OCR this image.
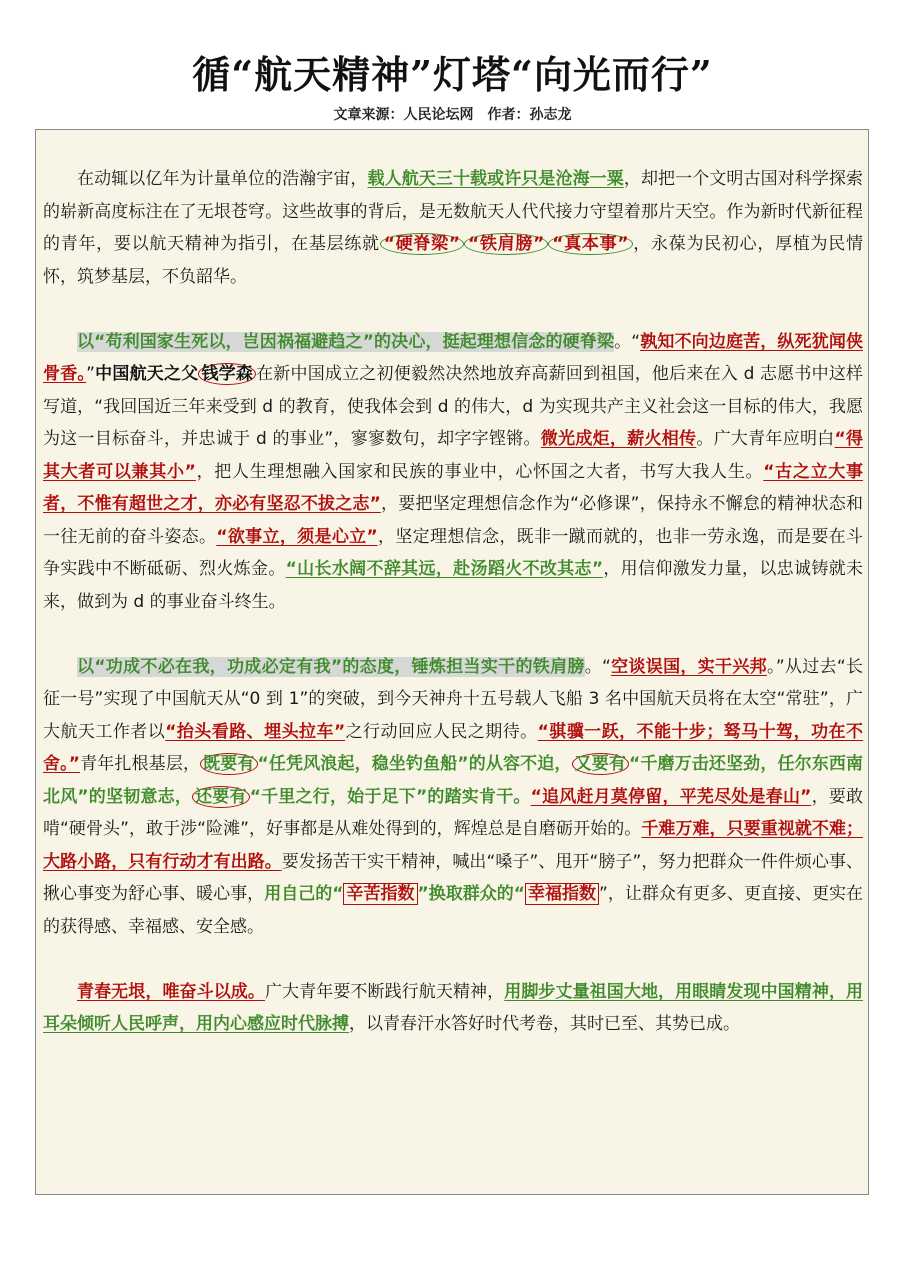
循“航天精神”灯塔“向光而行”
文章来源：人民论坛网　作者：孙志龙

在动辄以亿年为计量单位的浩瀚宇宙，载人航天三十载或许只是沧海一粟，却把一个文明古国对科学探索的崭新高度标注在了无垠苍穹。这些故事的背后，是无数航天人代代接力守望着那片天空。作为新时代新征程的青年，要以航天精神为指引，在基层练就 “硬脊梁” “铁肩膀” “真本事” ，永葆为民初心，厚植为民情怀，筑梦基层，不负韶华。

以“苟利国家生死以，岂因祸福避趋之”的决心，挺起理想信念的硬脊梁。“孰知不向边庭苦，纵死犹闻侠骨香。”中国航天之父 钱学森 在新中国成立之初便毅然决然地放弃高薪回到祖国，他后来在入 d 志愿书中这样写道，“我回国近三年来受到 d 的教育，使我体会到 d 的伟大，d 为实现共产主义社会这一目标的伟大，我愿为这一目标奋斗，并忠诚于 d 的事业”，寥寥数句，却字字铿锵。微光成炬，薪火相传。广大青年应明白“得其大者可以兼其小”，把人生理想融入国家和民族的事业中，心怀国之大者，书写大我人生。“古之立大事者，不惟有超世之才，亦必有坚忍不拔之志”，要把坚定理想信念作为“必修课”，保持永不懈怠的精神状态和一往无前的奋斗姿态。“欲事立，须是心立”，坚定理想信念，既非一蹴而就的，也非一劳永逸，而是要在斗争实践中不断砥砺、烈火炼金。“山长水阔不辞其远，赴汤蹈火不改其志”，用信仰激发力量，以忠诚铸就未来，做到为 d 的事业奋斗终生。

以“功成不必在我，功成必定有我”的态度，锤炼担当实干的铁肩膀。“空谈误国，实干兴邦。”从过去“长征一号”实现了中国航天从“0 到 1”的突破，到今天神舟十五号载人飞船 3 名中国航天员将在太空“常驻”，广大航天工作者以“抬头看路、埋头拉车”之行动回应人民之期待。“骐骥一跃，不能十步；驽马十驾，功在不舍。”青年扎根基层， 既要有 “任凭风浪起，稳坐钓鱼船”的从容不迫， 又要有 “千磨万击还坚劲，任尔东西南北风”的坚韧意志， 还要有 “千里之行，始于足下”的踏实肯干。“追风赶月莫停留，平芜尽处是春山”，要敢啃“硬骨头”，敢于涉“险滩”，好事都是从难处得到的，辉煌总是自磨砺开始的。千难万难，只要重视就不难；大路小路，只有行动才有出路。要发扬苦干实干精神，喊出“嗓子”、甩开“膀子”，努力把群众一件件烦心事、揪心事变为舒心事、暖心事，用自己的“ 辛苦指数 ”换取群众的“ 幸福指数 ”，让群众有更多、更直接、更实在的获得感、幸福感、安全感。

青春无垠，唯奋斗以成。广大青年要不断践行航天精神，用脚步丈量祖国大地，用眼睛发现中国精神，用耳朵倾听人民呼声，用内心感应时代脉搏，以青春汗水答好时代考卷，其时已至、其势已成。
